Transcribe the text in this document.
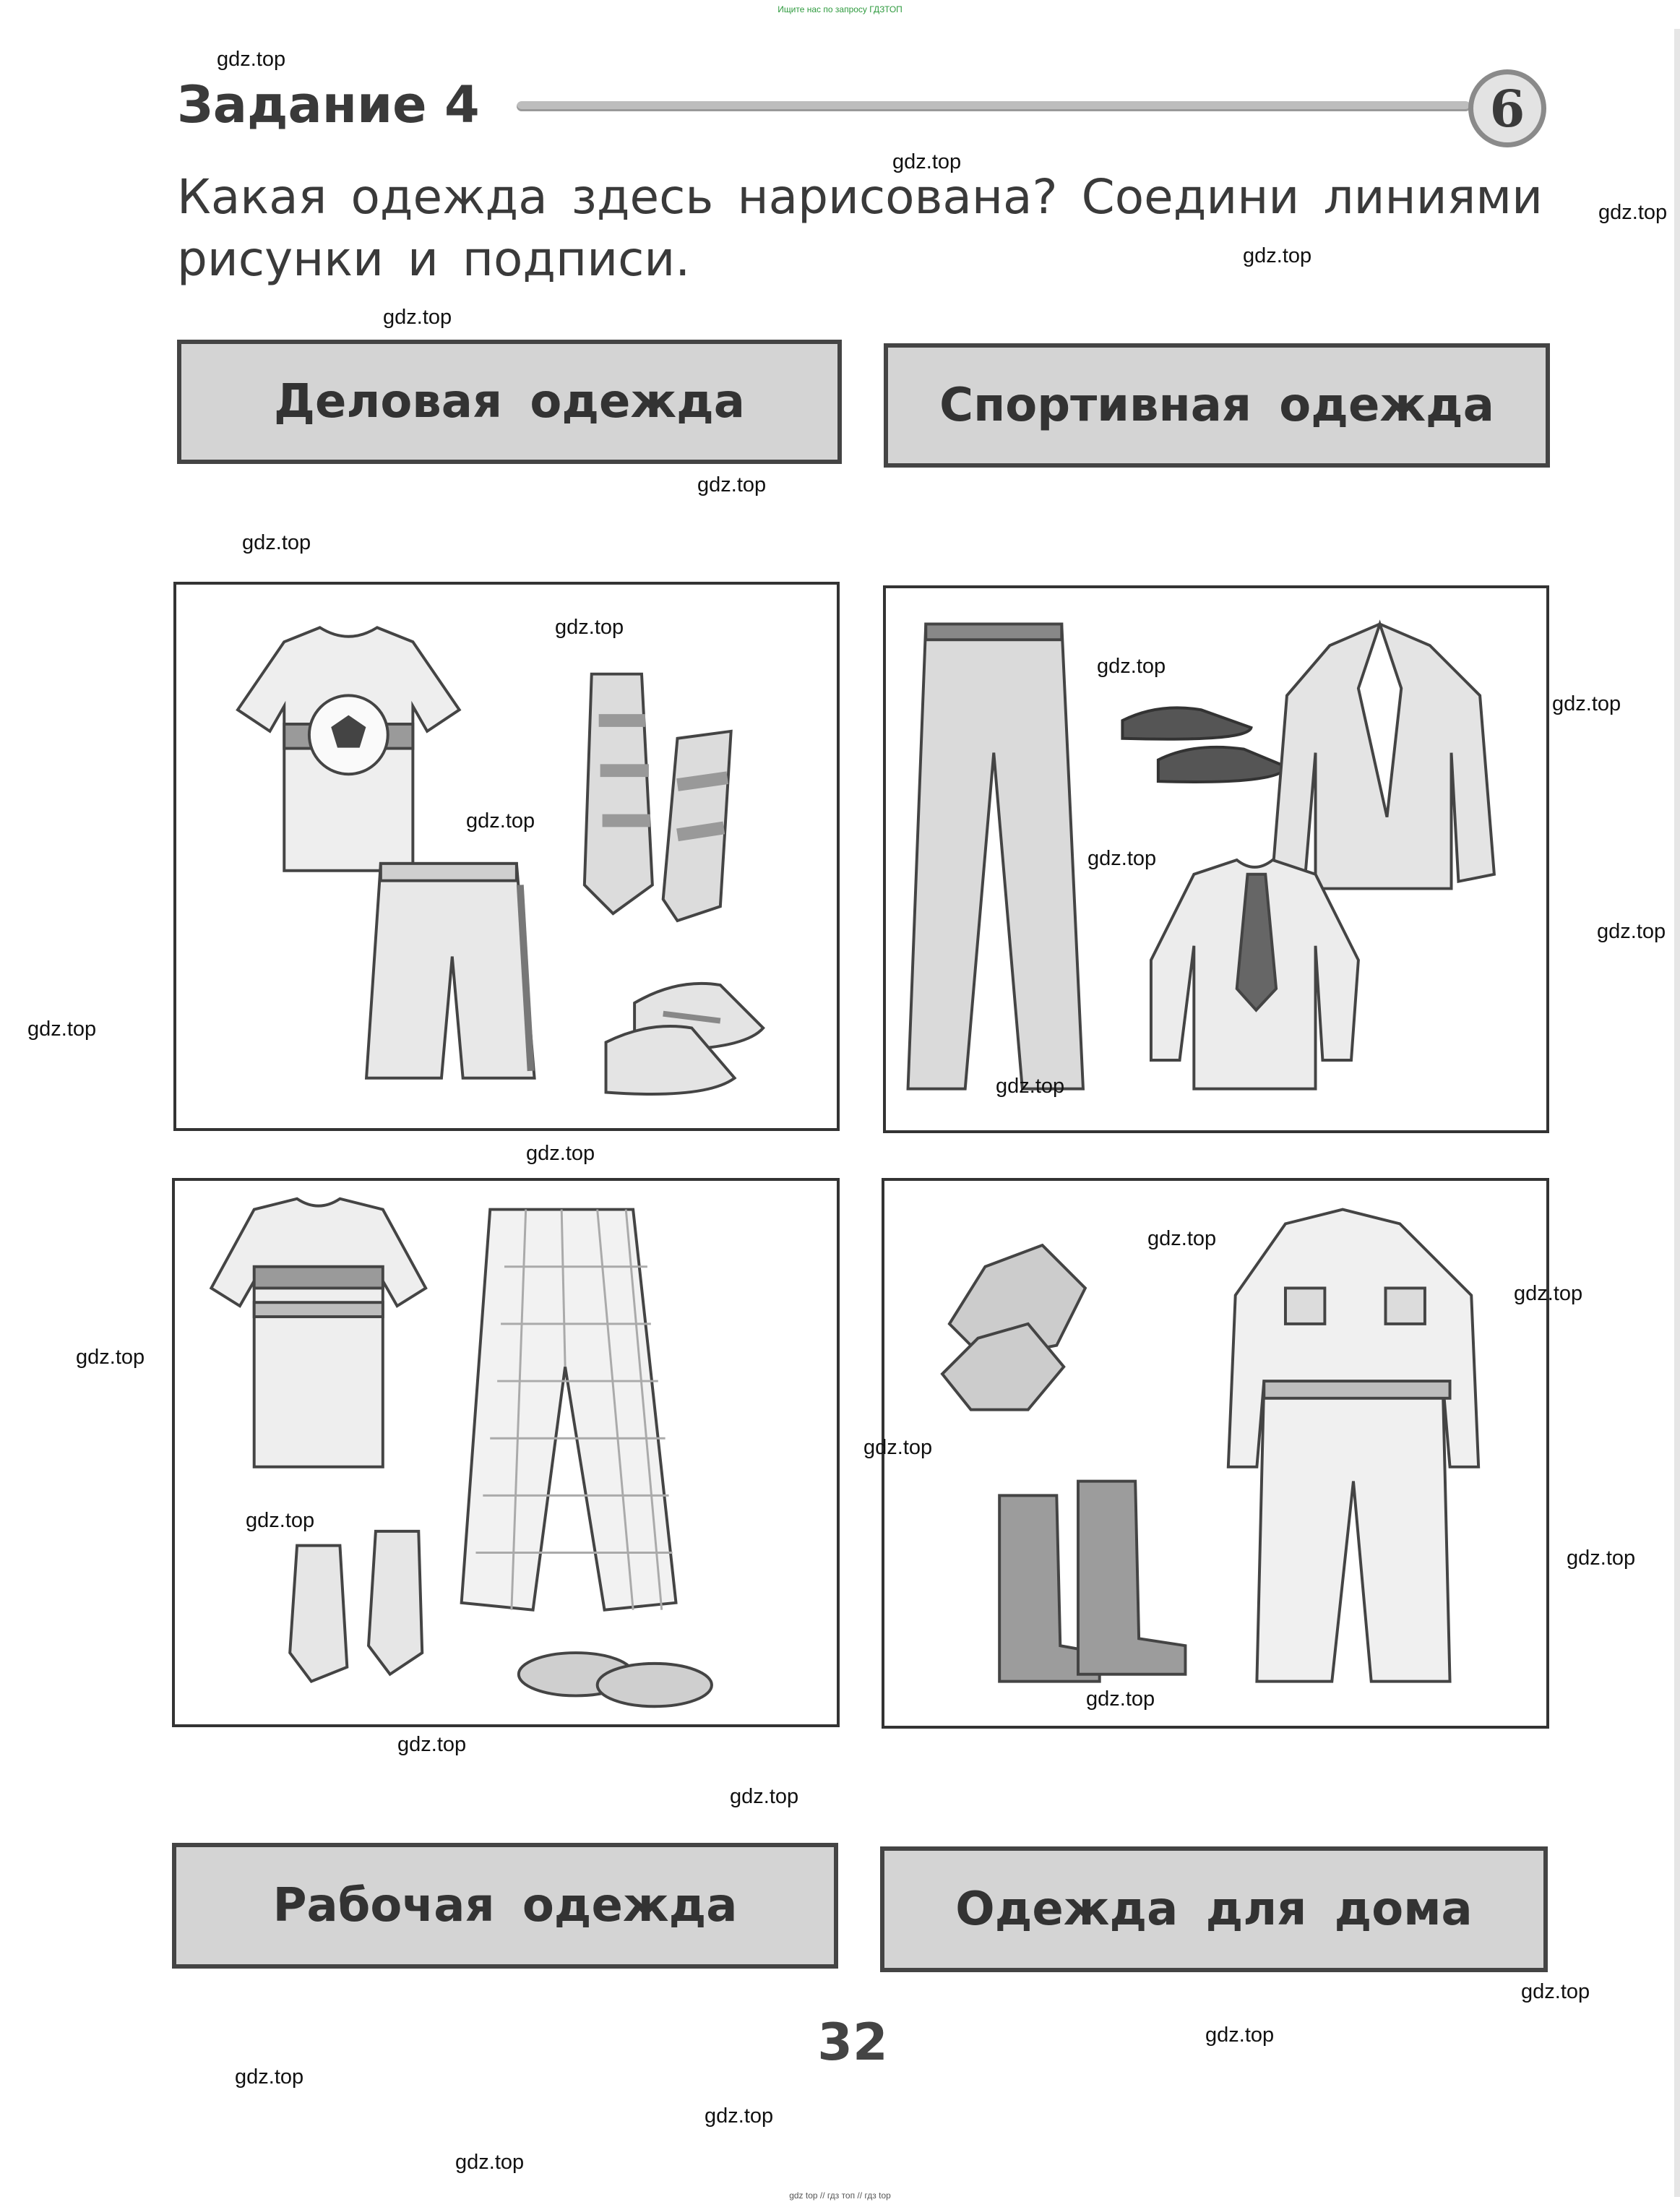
Ищите нас по запросу ГДЗТОП
Задание 4	6
Какая одежда здесь нарисована? Соедини линиями рисунки и подписи.
Деловая одежда	Спортивная одежда
Рабочая одежда	Одежда для дома
32
gdz.top
gdz.top
gdz.top
gdz.top
gdz.top
gdz.top
gdz.top
gdz.top
gdz.top
gdz.top
gdz.top
gdz.top
gdz.top
gdz.top
gdz.top
gdz.top
gdz.top
gdz.top
gdz.top
gdz.top
gdz.top
gdz.top
gdz.top
gdz.top
gdz.top
gdz.top
gdz.top
gdz.top
gdz.top
gdz.top
gdz top // гдз топ // гдз top
